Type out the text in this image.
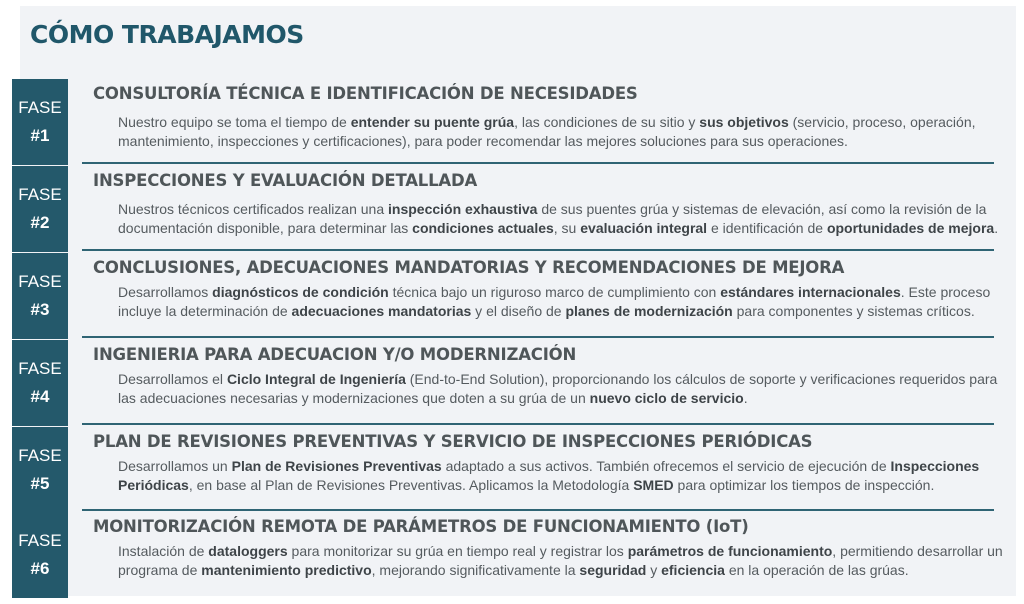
CÓMO TRABAJAMOS
FASE
#1
CONSULTORÍA TÉCNICA E IDENTIFICACIÓN DE NECESIDADES
Nuestro equipo se toma el tiempo de entender su puente grúa, las condiciones de su sitio y sus objetivos (servicio, proceso, operación, mantenimiento, inspecciones y certificaciones), para poder recomendar las mejores soluciones para sus operaciones.
FASE
#2
INSPECCIONES Y EVALUACIÓN DETALLADA
Nuestros técnicos certificados realizan una inspección exhaustiva de sus puentes grúa y sistemas de elevación, así como la revisión de la documentación disponible, para determinar las condiciones actuales, su evaluación integral e identificación de oportunidades de mejora.
FASE
#3
CONCLUSIONES, ADECUACIONES MANDATORIAS Y RECOMENDACIONES DE MEJORA
Desarrollamos diagnósticos de condición técnica bajo un riguroso marco de cumplimiento con estándares internacionales. Este proceso incluye la determinación de adecuaciones mandatorias y el diseño de planes de modernización para componentes y sistemas críticos.
FASE
#4
INGENIERIA PARA ADECUACION Y/O MODERNIZACIÓN
Desarrollamos el Ciclo Integral de Ingeniería (End-to-End Solution), proporcionando los cálculos de soporte y verificaciones requeridos para las adecuaciones necesarias y modernizaciones que doten a su grúa de un nuevo ciclo de servicio.
FASE
#5
PLAN DE REVISIONES PREVENTIVAS Y SERVICIO DE INSPECCIONES PERIÓDICAS
Desarrollamos un Plan de Revisiones Preventivas adaptado a sus activos. También ofrecemos el servicio de ejecución de Inspecciones Periódicas, en base al Plan de Revisiones Preventivas. Aplicamos la Metodología SMED para optimizar los tiempos de inspección.
FASE
#6
MONITORIZACIÓN REMOTA DE PARÁMETROS DE FUNCIONAMIENTO (IoT)
Instalación de dataloggers para monitorizar su grúa en tiempo real y registrar los parámetros de funcionamiento, permitiendo desarrollar un programa de mantenimiento predictivo, mejorando significativamente la seguridad y eficiencia en la operación de las grúas.
